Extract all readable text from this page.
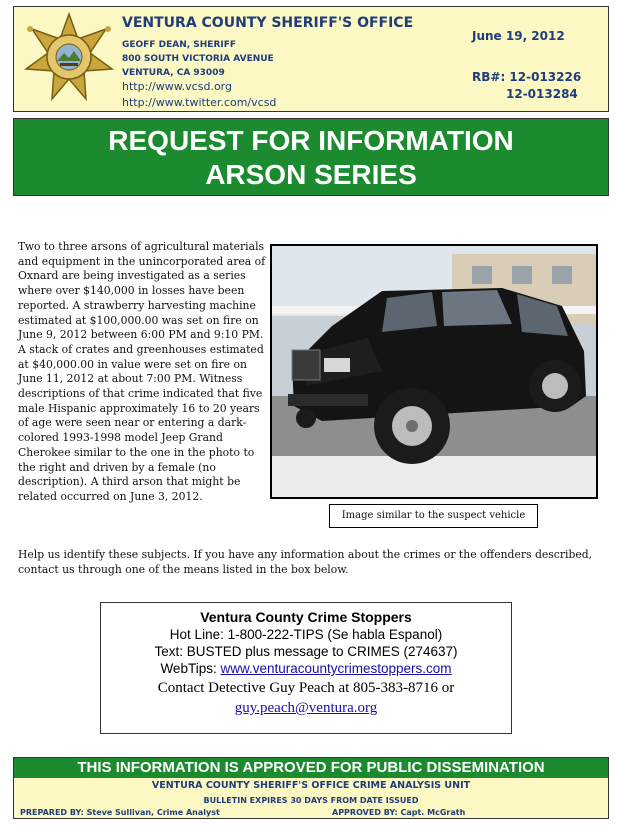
VENTURA COUNTY SHERIFF'S OFFICE
GEOFF DEAN, SHERIFF
800 SOUTH VICTORIA AVENUE
VENTURA, CA 93009
http://www.vcsd.org
http://www.twitter.com/vcsd
June 19, 2012
RB#: 12-013226
12-013284
REQUEST FOR INFORMATION
ARSON SERIES
Two to three arsons of agricultural materials and equipment in the unincorporated area of Oxnard are being investigated as a series where over $140,000 in losses have been reported. A strawberry harvesting machine estimated at $100,000.00 was set on fire on June 9, 2012 between 6:00 PM and 9:10 PM. A stack of crates and greenhouses estimated at $40,000.00 in value were set on fire on June 11, 2012 at about 7:00 PM. Witness descriptions of that crime indicated that five male Hispanic approximately 16 to 20 years of age were seen near or entering a dark-colored 1993-1998 model Jeep Grand Cherokee similar to the one in the photo to the right and driven by a female (no description). A third arson that might be related occurred on June 3, 2012.
Image similar to the suspect vehicle
Help us identify these subjects. If you have any information about the crimes or the offenders described, contact us through one of the means listed in the box below.
Ventura County Crime Stoppers
Hot Line: 1-800-222-TIPS (Se habla Espanol)
Text: BUSTED plus message to CRIMES (274637)
WebTips: www.venturacountycrimestoppers.com
Contact Detective Guy Peach at 805-383-8716 or
guy.peach@ventura.org
THIS INFORMATION IS APPROVED FOR PUBLIC DISSEMINATION
VENTURA COUNTY SHERIFF'S OFFICE CRIME ANALYSIS UNIT
BULLETIN EXPIRES 30 DAYS FROM DATE ISSUED
PREPARED BY: Steve Sullivan, Crime Analyst	APPROVED BY: Capt. McGrath
